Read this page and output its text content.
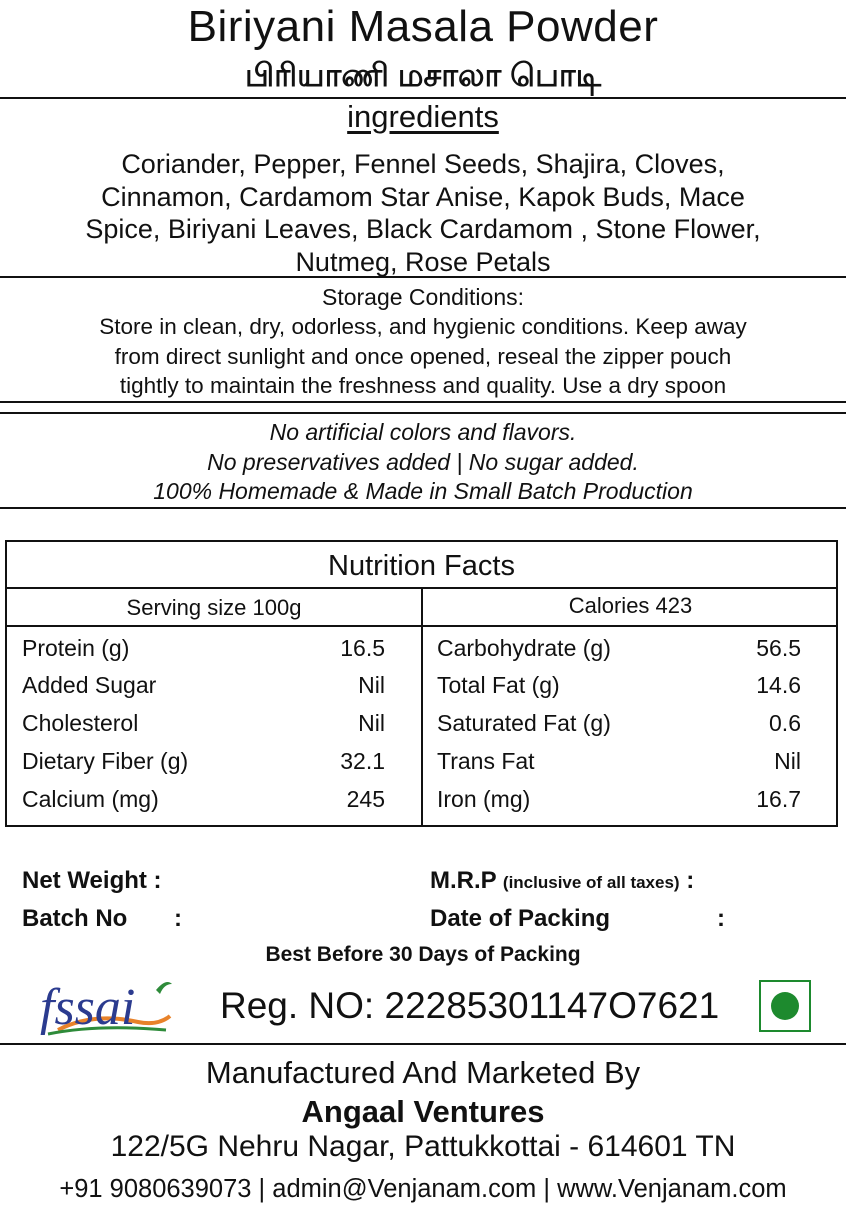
Biriyani Masala Powder
பிரியாணி மசாலா பொடி
ingredients
Coriander, Pepper, Fennel Seeds, Shajira, Cloves,
Cinnamon, Cardamom Star Anise, Kapok Buds, Mace
Spice, Biriyani Leaves, Black Cardamom , Stone Flower,
Nutmeg, Rose Petals
Storage Conditions:
Store in clean, dry, odorless, and hygienic conditions. Keep away
from direct sunlight and once opened, reseal the zipper pouch
tightly to maintain the freshness and quality. Use a dry spoon
No artificial colors and flavors.
No preservatives added | No sugar added.
100% Homemade & Made in Small Batch Production
Nutrition Facts
Serving size 100g	Calories 423
Protein (g)	16.5
Added Sugar	Nil
Cholesterol	Nil
Dietary Fiber (g)	32.1
Calcium (mg)	245
Carbohydrate (g)	56.5
Total Fat (g)	14.6
Saturated Fat (g)	0.6
Trans Fat	Nil
Iron (mg)	16.7
Net Weight :	M.R.P (inclusive of all taxes) :
Batch No :	Date of Packing	:
Best Before 30 Days of Packing
fssai Reg. NO: 22285301147O7621
Manufactured And Marketed By
Angaal Ventures
122/5G Nehru Nagar, Pattukkottai - 614601 TN
+91 9080639073 | admin@Venjanam.com | www.Venjanam.com
